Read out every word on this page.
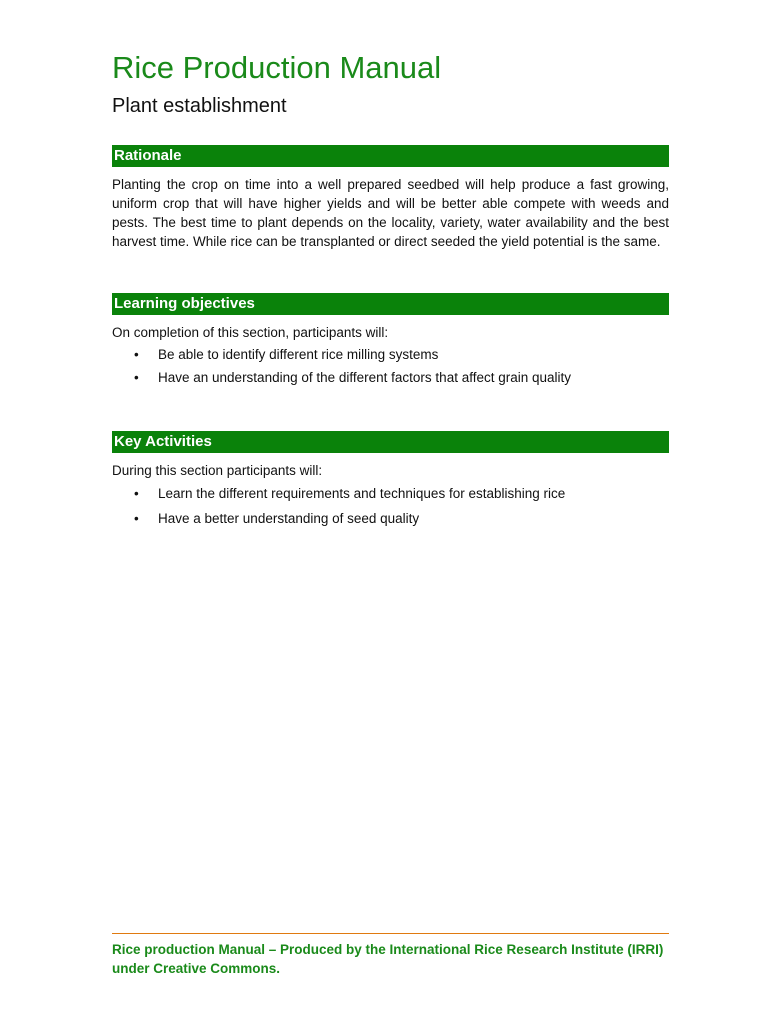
Rice Production Manual
Plant establishment
Rationale

Planting the crop on time into a well prepared seedbed will help produce a fast growing, uniform crop that will have higher yields and will be better able compete with weeds and pests. The best time to plant depends on the locality, variety, water availability and the best harvest time. While rice can be transplanted or direct seeded the yield potential is the same.

Learning objectives

On completion of this section, participants will:

• Be able to identify different rice milling systems
• Have an understanding of the different factors that affect grain quality
Key Activities

During this section participants will:

• Learn the different requirements and techniques for establishing rice
• Have a better understanding of seed quality

Rice production Manual – Produced by the International Rice Research Institute (IRRI) under Creative Commons.
